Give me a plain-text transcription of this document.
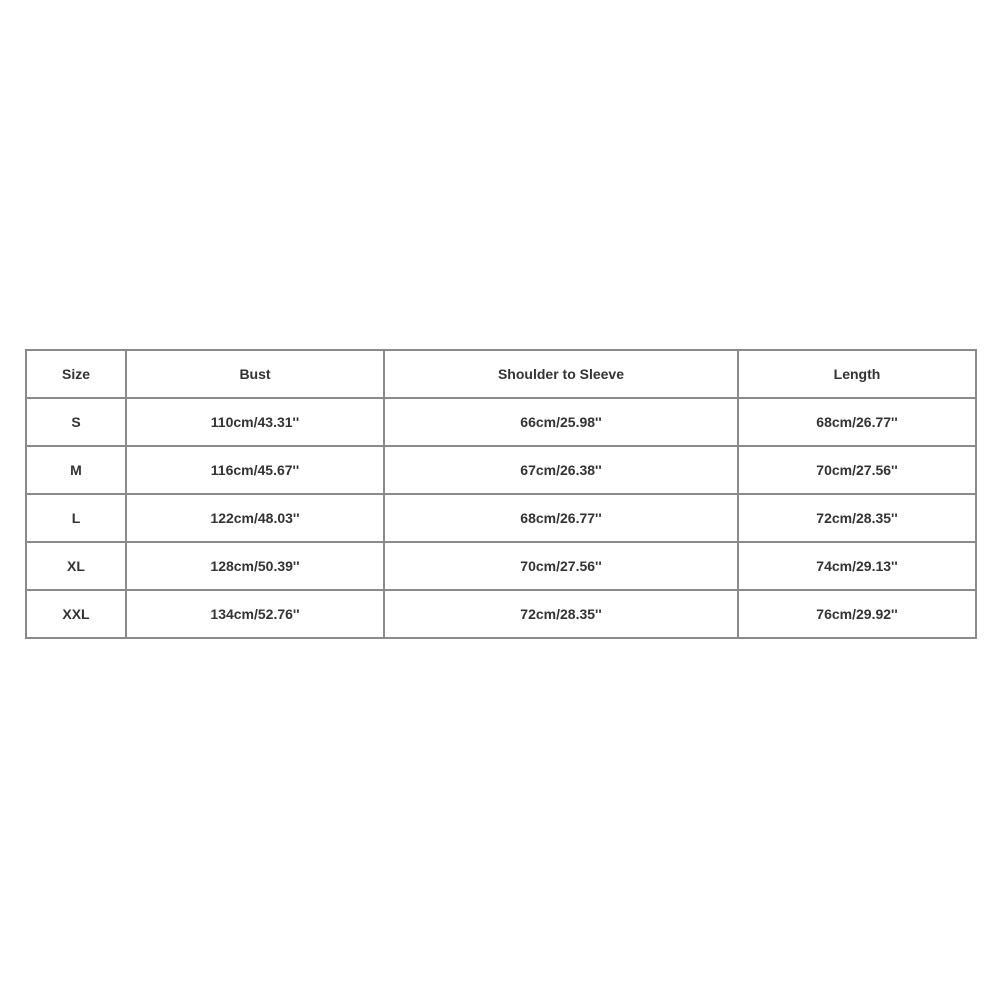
Size	Bust	Shoulder to Sleeve	Length
S	110cm/43.31''	66cm/25.98''	68cm/26.77''
M	116cm/45.67''	67cm/26.38''	70cm/27.56''
L	122cm/48.03''	68cm/26.77''	72cm/28.35''
XL	128cm/50.39''	70cm/27.56''	74cm/29.13''
XXL	134cm/52.76''	72cm/28.35''	76cm/29.92''
